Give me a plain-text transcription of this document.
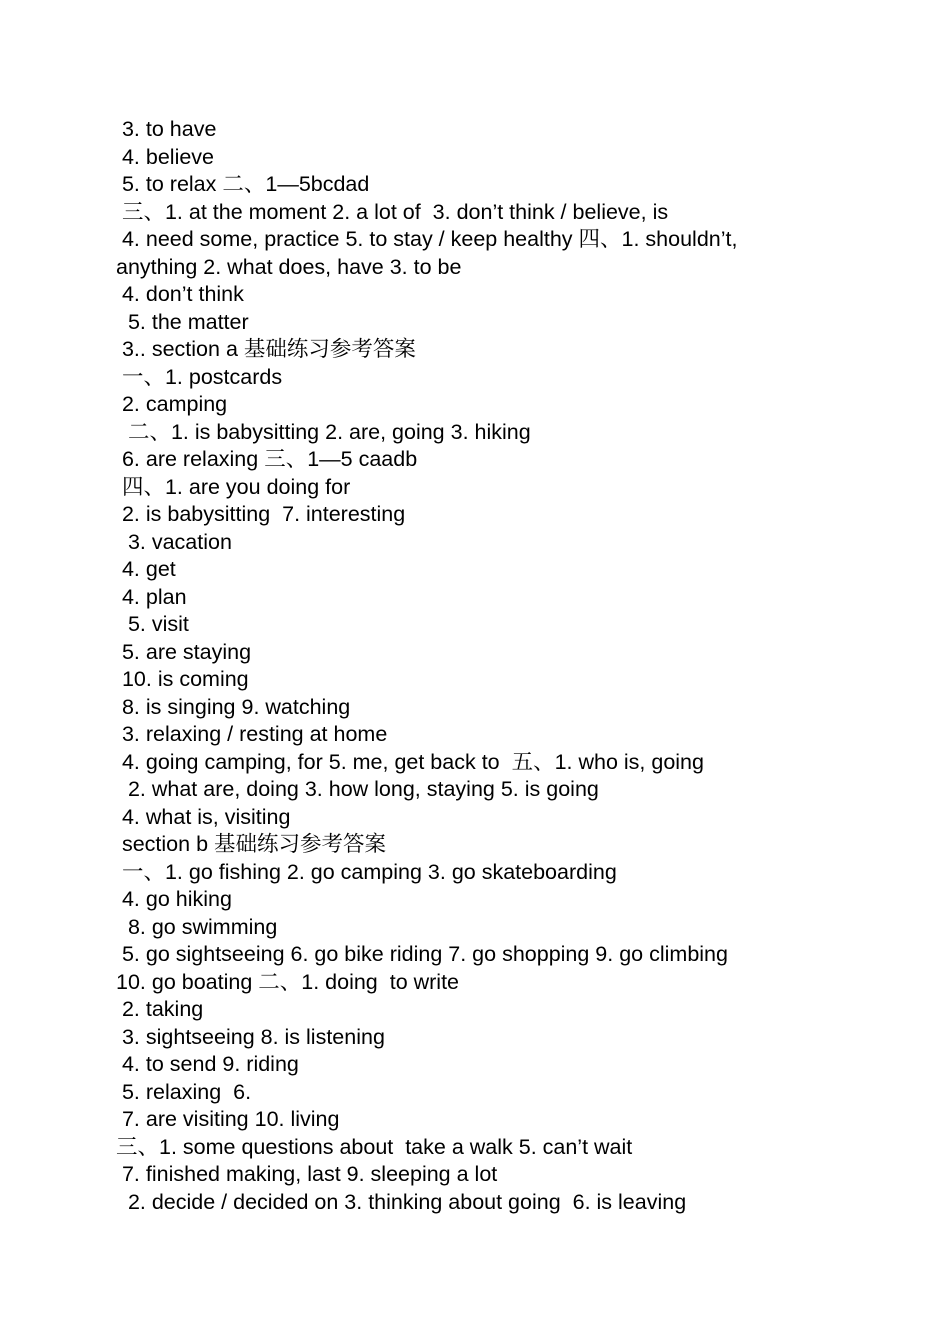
3. to have
4. believe
5. to relax 二、1—5bcdad
三、1. at the moment 2. a lot of  3. don’t think / believe, is
4. need some, practice 5. to stay / keep healthy 四、1. shouldn’t,
anything 2. what does, have 3. to be
4. don’t think
5. the matter
3.. section a 基础练习参考答案
一、1. postcards
2. camping
二、1. is babysitting 2. are, going 3. hiking
6. are relaxing 三、1—5 caadb
四、1. are you doing for
2. is babysitting  7. interesting
3. vacation
4. get
4. plan
5. visit
5. are staying
10. is coming
8. is singing 9. watching
3. relaxing / resting at home
4. going camping, for 5. me, get back to  五、1. who is, going
2. what are, doing 3. how long, staying 5. is going
4. what is, visiting
section b 基础练习参考答案
一、1. go fishing 2. go camping 3. go skateboarding
4. go hiking
8. go swimming
5. go sightseeing 6. go bike riding 7. go shopping 9. go climbing
10. go boating 二、1. doing  to write
2. taking
3. sightseeing 8. is listening
4. to send 9. riding
5. relaxing  6.
7. are visiting 10. living
三、1. some questions about  take a walk 5. can’t wait
7. finished making, last 9. sleeping a lot
2. decide / decided on 3. thinking about going  6. is leaving
